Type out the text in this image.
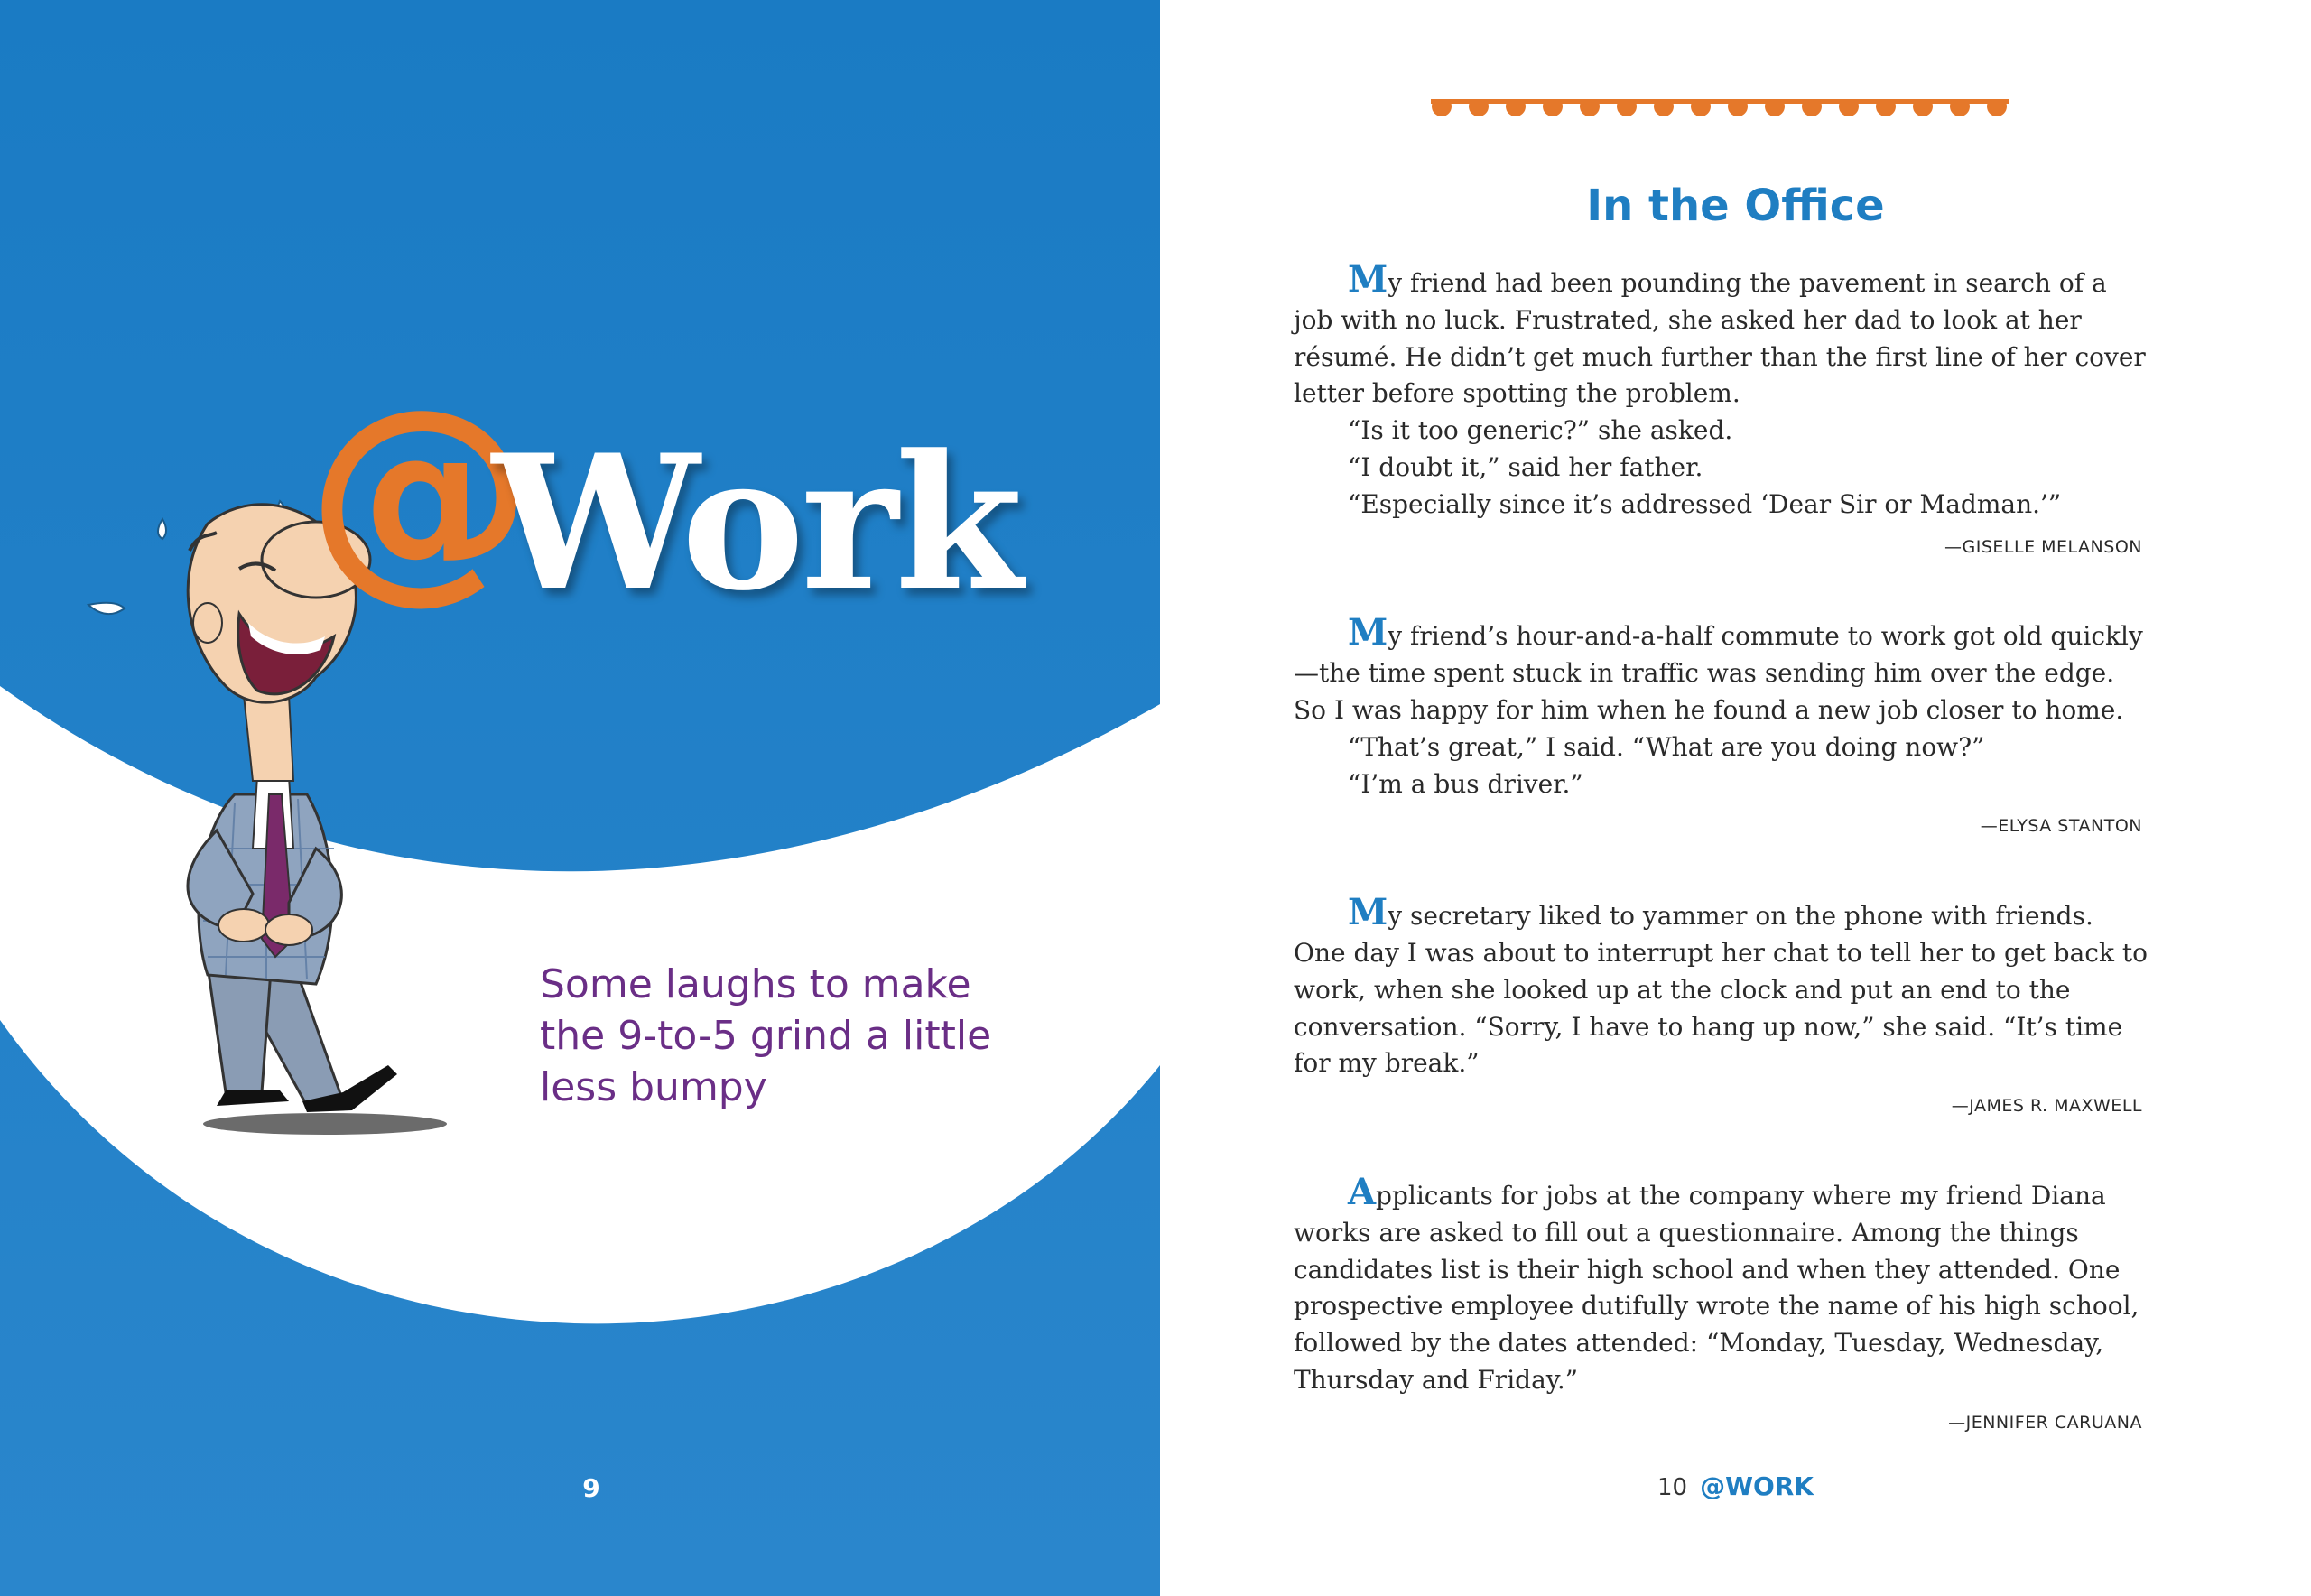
@
Work
Some laughs to make the 9-to-5 grind a little less bumpy
9
In the Office

My friend had been pounding the pavement in search of a job with no luck. Frustrated, she asked her dad to look at her résumé. He didn’t get much further than the first line of her cover letter before spotting the problem.

“Is it too generic?” she asked.

“I doubt it,” said her father.

“Especially since it’s addressed ‘Dear Sir or Madman.’”

—GISELLE MELANSON

My friend’s hour-and-a-half commute to work got old quickly—the time spent stuck in traffic was sending him over the edge. So I was happy for him when he found a new job closer to home.

“That’s great,” I said. “What are you doing now?”

“I’m a bus driver.”

—ELYSA STANTON

My secretary liked to yammer on the phone with friends. One day I was about to interrupt her chat to tell her to get back to work, when she looked up at the clock and put an end to the conversation. “Sorry, I have to hang up now,” she said. “It’s time for my break.”

—JAMES R. MAXWELL

Applicants for jobs at the company where my friend Diana works are asked to fill out a questionnaire. Among the things candidates list is their high school and when they attended. One prospective employee dutifully wrote the name of his high school, followed by the dates attended: “Monday, Tuesday, Wednesday, Thursday and Friday.”

—JENNIFER CARUANA
10 @WORK
